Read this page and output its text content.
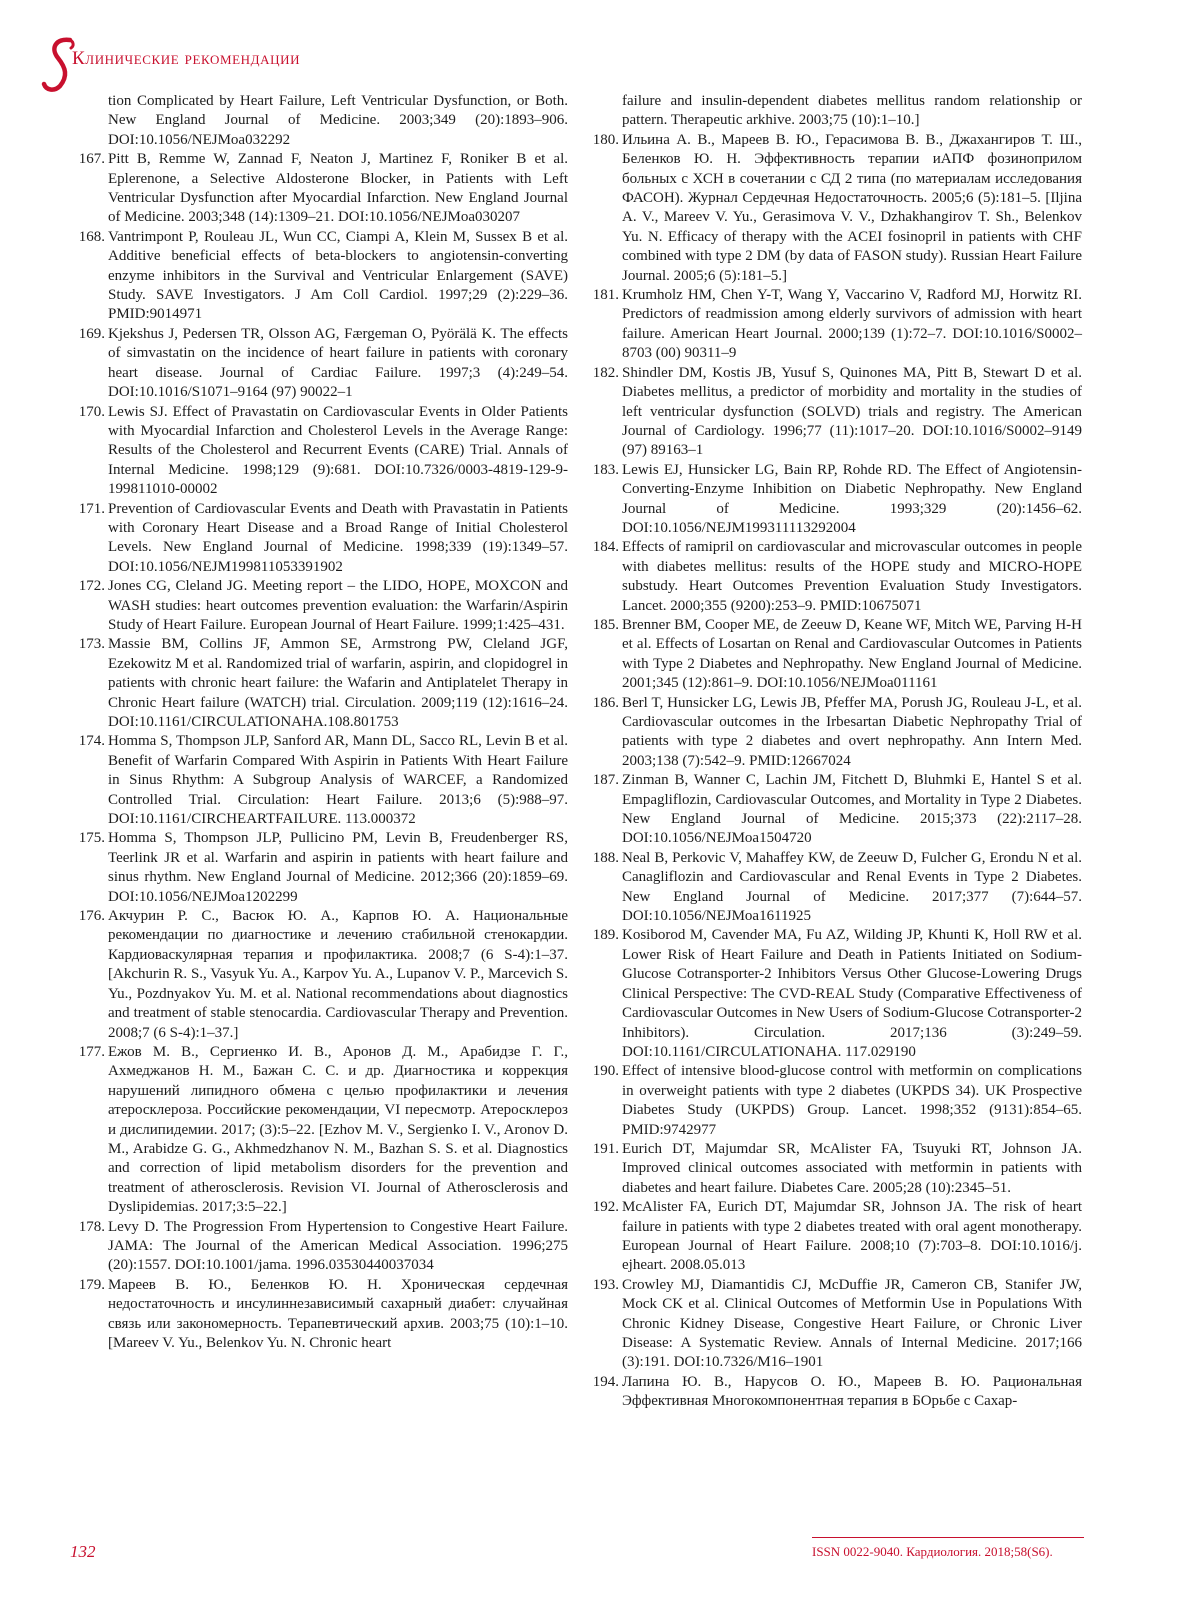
Клинические рекомендации

tion Complicated by Heart Failure, Left Ventricular Dysfunction, or Both. New England Journal of Medicine. 2003;349 (20):1893–906. DOI:10.1056/NEJMoa032292

167. Pitt B, Remme W, Zannad F, Neaton J, Martinez F, Roniker B et al. Eplerenone, a Selective Aldosterone Blocker, in Patients with Left Ventricular Dysfunction after Myocardial Infarction. New England Journal of Medicine. 2003;348 (14):1309–21. DOI:10.1056/NEJMoa030207

168. Vantrimpont P, Rouleau JL, Wun CC, Ciampi A, Klein M, Sussex B et al. Additive beneficial effects of beta-blockers to angiotensin-converting enzyme inhibitors in the Survival and Ventricular Enlargement (SAVE) Study. SAVE Investigators. J Am Coll Cardiol. 1997;29 (2):229–36. PMID:9014971

169. Kjekshus J, Pedersen TR, Olsson AG, Færgeman O, Pyörälä K. The effects of simvastatin on the incidence of heart failure in patients with coronary heart disease. Journal of Cardiac Failure. 1997;3 (4):249–54. DOI:10.1016/S1071–9164 (97) 90022–1

170. Lewis SJ. Effect of Pravastatin on Cardiovascular Events in Older Patients with Myocardial Infarction and Cholesterol Levels in the Average Range: Results of the Cholesterol and Recurrent Events (CARE) Trial. Annals of Internal Medicine. 1998;129 (9):681. DOI:10.7326/0003-4819-129-9-199811010-00002

171. Prevention of Cardiovascular Events and Death with Pravastatin in Patients with Coronary Heart Disease and a Broad Range of Initial Cholesterol Levels. New England Journal of Medicine. 1998;339 (19):1349–57. DOI:10.1056/NEJM199811053391902

172. Jones CG, Cleland JG. Meeting report – the LIDO, HOPE, MOXCON and WASH studies: heart outcomes prevention evaluation: the Warfarin/Aspirin Study of Heart Failure. European Journal of Heart Failure. 1999;1:425–431.

173. Massie BM, Collins JF, Ammon SE, Armstrong PW, Cleland JGF, Ezekowitz M et al. Randomized trial of warfarin, aspirin, and clopidogrel in patients with chronic heart failure: the Wafarin and Antiplatelet Therapy in Chronic Heart failure (WATCH) trial. Circulation. 2009;119 (12):1616–24. DOI:10.1161/CIRCULATIONAHA.108.801753

174. Homma S, Thompson JLP, Sanford AR, Mann DL, Sacco RL, Levin B et al. Benefit of Warfarin Compared With Aspirin in Patients With Heart Failure in Sinus Rhythm: A Subgroup Analysis of WARCEF, a Randomized Controlled Trial. Circulation: Heart Failure. 2013;6 (5):988–97. DOI:10.1161/CIRCHEARTFAILURE. 113.000372

175. Homma S, Thompson JLP, Pullicino PM, Levin B, Freudenberger RS, Teerlink JR et al. Warfarin and aspirin in patients with heart failure and sinus rhythm. New England Journal of Medicine. 2012;366 (20):1859–69. DOI:10.1056/NEJMoa1202299

176. Акчурин Р. С., Васюк Ю. А., Карпов Ю. А. Национальные рекомендации по диагностике и лечению стабильной стенокардии. Кардиоваскулярная терапия и профилактика. 2008;7 (6 S-4):1–37. [Akchurin R. S., Vasyuk Yu. A., Karpov Yu. A., Lupanov V. P., Marcevich S. Yu., Pozdnyakov Yu. M. et al. National recommendations about diagnostics and treatment of stable stenocardia. Cardiovascular Therapy and Prevention. 2008;7 (6 S-4):1–37.]

177. Ежов М. В., Сергиенко И. В., Аронов Д. М., Арабидзе Г. Г., Ахмеджанов Н. М., Бажан С. С. и др. Диагностика и коррекция нарушений липидного обмена с целью профилактики и лечения атеросклероза. Российские рекомендации, VI пересмотр. Атеросклероз и дислипидемии. 2017; (3):5–22. [Ezhov M. V., Sergienko I. V., Aronov D. M., Arabidze G. G., Akhmedzhanov N. M., Bazhan S. S. et al. Diagnostics and correction of lipid metabolism disorders for the prevention and treatment of atherosclerosis. Revision VI. Journal of Atherosclerosis and Dyslipidemias. 2017;3:5–22.]

178. Levy D. The Progression From Hypertension to Congestive Heart Failure. JAMA: The Journal of the American Medical Association. 1996;275 (20):1557. DOI:10.1001/jama. 1996.03530440037034

179. Мареев В. Ю., Беленков Ю. Н. Хроническая сердечная недостаточность и инсулиннезависимый сахарный диабет: случайная связь или закономерность. Терапевтический архив. 2003;75 (10):1–10. [Mareev V. Yu., Belenkov Yu. N. Chronic heart

failure and insulin-dependent diabetes mellitus random relationship or pattern. Therapeutic arkhive. 2003;75 (10):1–10.]

180. Ильина А. В., Мареев В. Ю., Герасимова В. В., Джахангиров Т. Ш., Беленков Ю. Н. Эффективность терапии иАПФ фозиноприлом больных с ХСН в сочетании с СД 2 типа (по материалам исследования ФАСОН). Журнал Сердечная Недостаточность. 2005;6 (5):181–5. [Iljina A. V., Mareev V. Yu., Gerasimova V. V., Dzhakhangirov T. Sh., Belenkov Yu. N. Efficacy of therapy with the ACEI fosinopril in patients with CHF combined with type 2 DM (by data of FASON study). Russian Heart Failure Journal. 2005;6 (5):181–5.]

181. Krumholz HM, Chen Y-T, Wang Y, Vaccarino V, Radford MJ, Horwitz RI. Predictors of readmission among elderly survivors of admission with heart failure. American Heart Journal. 2000;139 (1):72–7. DOI:10.1016/S0002–8703 (00) 90311–9

182. Shindler DM, Kostis JB, Yusuf S, Quinones MA, Pitt B, Stewart D et al. Diabetes mellitus, a predictor of morbidity and mortality in the studies of left ventricular dysfunction (SOLVD) trials and registry. The American Journal of Cardiology. 1996;77 (11):1017–20. DOI:10.1016/S0002–9149 (97) 89163–1

183. Lewis EJ, Hunsicker LG, Bain RP, Rohde RD. The Effect of Angiotensin-Converting-Enzyme Inhibition on Diabetic Nephropathy. New England Journal of Medicine. 1993;329 (20):1456–62. DOI:10.1056/NEJM199311113292004

184. Effects of ramipril on cardiovascular and microvascular outcomes in people with diabetes mellitus: results of the HOPE study and MICRO-HOPE substudy. Heart Outcomes Prevention Evaluation Study Investigators. Lancet. 2000;355 (9200):253–9. PMID:10675071

185. Brenner BM, Cooper ME, de Zeeuw D, Keane WF, Mitch WE, Parving H-H et al. Effects of Losartan on Renal and Cardiovascular Outcomes in Patients with Type 2 Diabetes and Nephropathy. New England Journal of Medicine. 2001;345 (12):861–9. DOI:10.1056/NEJMoa011161

186. Berl T, Hunsicker LG, Lewis JB, Pfeffer MA, Porush JG, Rouleau J-L, et al. Cardiovascular outcomes in the Irbesartan Diabetic Nephropathy Trial of patients with type 2 diabetes and overt nephropathy. Ann Intern Med. 2003;138 (7):542–9. PMID:12667024

187. Zinman B, Wanner C, Lachin JM, Fitchett D, Bluhmki E, Hantel S et al. Empagliflozin, Cardiovascular Outcomes, and Mortality in Type 2 Diabetes. New England Journal of Medicine. 2015;373 (22):2117–28. DOI:10.1056/NEJMoa1504720

188. Neal B, Perkovic V, Mahaffey KW, de Zeeuw D, Fulcher G, Erondu N et al. Canagliflozin and Cardiovascular and Renal Events in Type 2 Diabetes. New England Journal of Medicine. 2017;377 (7):644–57. DOI:10.1056/NEJMoa1611925

189. Kosiborod M, Cavender MA, Fu AZ, Wilding JP, Khunti K, Holl RW et al. Lower Risk of Heart Failure and Death in Patients Initiated on Sodium-Glucose Cotransporter-2 Inhibitors Versus Other Glucose-Lowering Drugs Clinical Perspective: The CVD-REAL Study (Comparative Effectiveness of Cardiovascular Outcomes in New Users of Sodium-Glucose Cotransporter-2 Inhibitors). Circulation. 2017;136 (3):249–59. DOI:10.1161/CIRCULATIONAHA. 117.029190

190. Effect of intensive blood-glucose control with metformin on complications in overweight patients with type 2 diabetes (UKPDS 34). UK Prospective Diabetes Study (UKPDS) Group. Lancet. 1998;352 (9131):854–65. PMID:9742977

191. Eurich DT, Majumdar SR, McAlister FA, Tsuyuki RT, Johnson JA. Improved clinical outcomes associated with metformin in patients with diabetes and heart failure. Diabetes Care. 2005;28 (10):2345–51.

192. McAlister FA, Eurich DT, Majumdar SR, Johnson JA. The risk of heart failure in patients with type 2 diabetes treated with oral agent monotherapy. European Journal of Heart Failure. 2008;10 (7):703–8. DOI:10.1016/j. ejheart. 2008.05.013

193. Crowley MJ, Diamantidis CJ, McDuffie JR, Cameron CB, Stanifer JW, Mock CK et al. Clinical Outcomes of Metformin Use in Populations With Chronic Kidney Disease, Congestive Heart Failure, or Chronic Liver Disease: A Systematic Review. Annals of Internal Medicine. 2017;166 (3):191. DOI:10.7326/M16–1901

194. Лапина Ю. В., Нарусов О. Ю., Мареев В. Ю. Рациональная Эффективная Многокомпонентная терапия в БОрьбе с Сахар-

132	ISSN 0022-9040. Кардиология. 2018;58(S6).
